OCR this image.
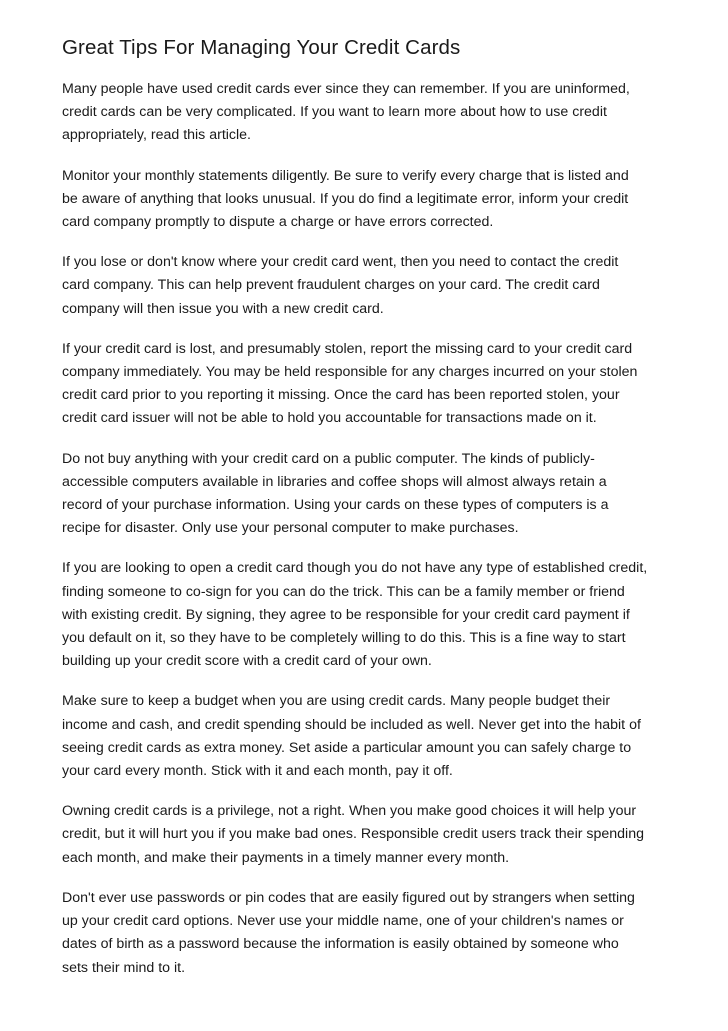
Great Tips For Managing Your Credit Cards

Many people have used credit cards ever since they can remember. If you are uninformed,
credit cards can be very complicated. If you want to learn more about how to use credit
appropriately, read this article.

Monitor your monthly statements diligently. Be sure to verify every charge that is listed and
be aware of anything that looks unusual. If you do find a legitimate error, inform your credit
card company promptly to dispute a charge or have errors corrected.

If you lose or don't know where your credit card went, then you need to contact the credit
card company. This can help prevent fraudulent charges on your card. The credit card
company will then issue you with a new credit card.

If your credit card is lost, and presumably stolen, report the missing card to your credit card
company immediately. You may be held responsible for any charges incurred on your stolen
credit card prior to you reporting it missing. Once the card has been reported stolen, your
credit card issuer will not be able to hold you accountable for transactions made on it.

Do not buy anything with your credit card on a public computer. The kinds of publicly-
accessible computers available in libraries and coffee shops will almost always retain a
record of your purchase information. Using your cards on these types of computers is a
recipe for disaster. Only use your personal computer to make purchases.

If you are looking to open a credit card though you do not have any type of established credit,
finding someone to co-sign for you can do the trick. This can be a family member or friend
with existing credit. By signing, they agree to be responsible for your credit card payment if
you default on it, so they have to be completely willing to do this. This is a fine way to start
building up your credit score with a credit card of your own.

Make sure to keep a budget when you are using credit cards. Many people budget their
income and cash, and credit spending should be included as well. Never get into the habit of
seeing credit cards as extra money. Set aside a particular amount you can safely charge to
your card every month. Stick with it and each month, pay it off.

Owning credit cards is a privilege, not a right. When you make good choices it will help your
credit, but it will hurt you if you make bad ones. Responsible credit users track their spending
each month, and make their payments in a timely manner every month.

Don't ever use passwords or pin codes that are easily figured out by strangers when setting
up your credit card options. Never use your middle name, one of your children's names or
dates of birth as a password because the information is easily obtained by someone who
sets their mind to it.
